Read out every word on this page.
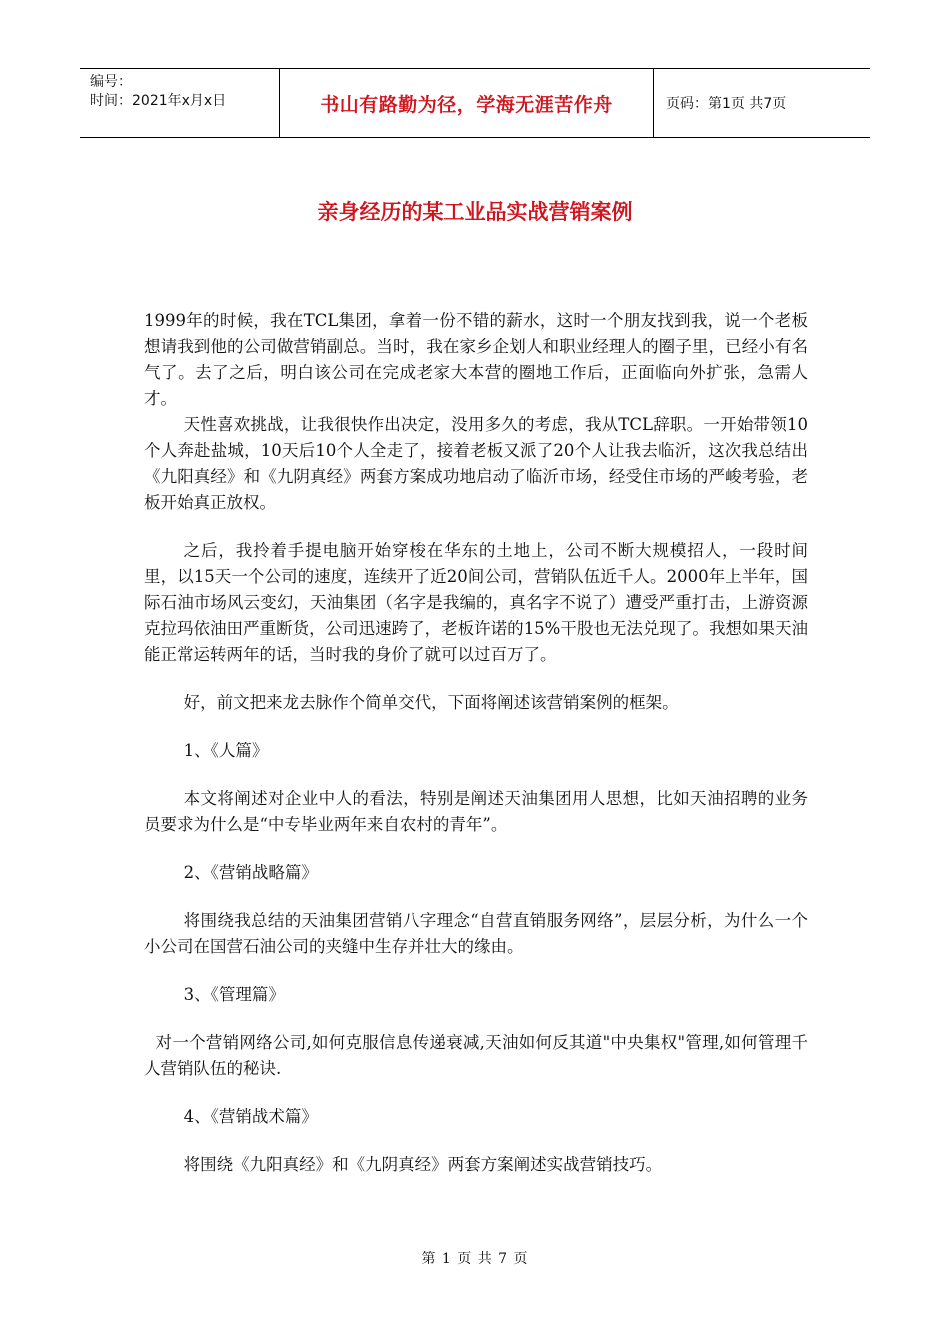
编号：
时间：2021年x月x日	书山有路勤为径，学海无涯苦作舟	页码：第1页 共7页
亲身经历的某工业品实战营销案例

1999年的时候，我在TCL集团，拿着一份不错的薪水，这时一个朋友找到我，说一个老板想请我到他的公司做营销副总。当时，我在家乡企划人和职业经理人的圈子里，已经小有名气了。去了之后，明白该公司在完成老家大本营的圈地工作后，正面临向外扩张，急需人才。

天性喜欢挑战，让我很快作出决定，没用多久的考虑，我从TCL辞职。一开始带领10个人奔赴盐城，10天后10个人全走了，接着老板又派了20个人让我去临沂，这次我总结出《九阳真经》和《九阴真经》两套方案成功地启动了临沂市场，经受住市场的严峻考验，老板开始真正放权。

之后，我拎着手提电脑开始穿梭在华东的土地上，公司不断大规模招人，一段时间里，以15天一个公司的速度，连续开了近20间公司，营销队伍近千人。2000年上半年，国际石油市场风云变幻，天油集团（名字是我编的，真名字不说了）遭受严重打击，上游资源克拉玛依油田严重断货，公司迅速跨了，老板许诺的15%干股也无法兑现了。我想如果天油能正常运转两年的话，当时我的身价了就可以过百万了。

好，前文把来龙去脉作个简单交代，下面将阐述该营销案例的框架。

1、《人篇》

本文将阐述对企业中人的看法，特别是阐述天油集团用人思想，比如天油招聘的业务员要求为什么是“中专毕业两年来自农村的青年”。

2、《营销战略篇》

将围绕我总结的天油集团营销八字理念“自营直销服务网络”，层层分析，为什么一个小公司在国营石油公司的夹缝中生存并壮大的缘由。

3、《管理篇》

对一个营销网络公司,如何克服信息传递衰减,天油如何反其道"中央集权"管理,如何管理千人营销队伍的秘诀.

4、《营销战术篇》

将围绕《九阳真经》和《九阴真经》两套方案阐述实战营销技巧。

第 1 页 共 7 页
